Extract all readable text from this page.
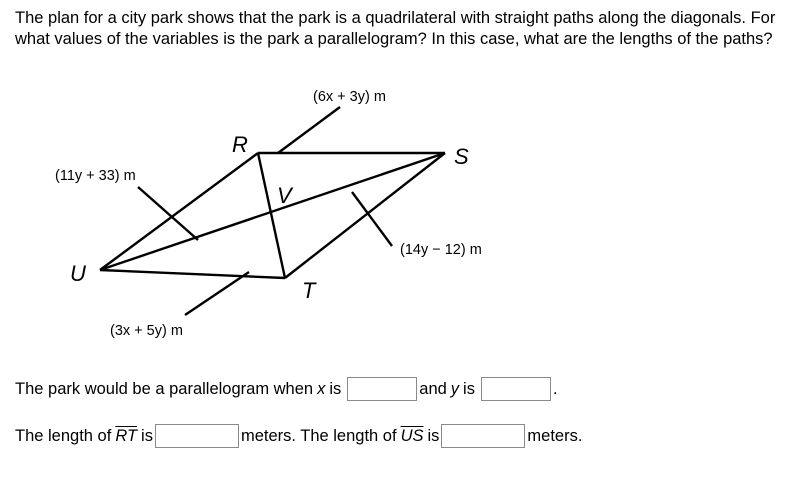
The plan for a city park shows that the park is a quadrilateral with straight paths along the diagonals. For what values of the variables is the park a parallelogram? In this case, what are the lengths of the paths?
R	S
T
U
V
(6x + 3y) m
(11y + 33) m
(14y − 12) m
(3x + 5y) m
The park would be a parallelogram when x is	and y is	.
The length of $\overline{RT}$ is	meters. The length of $\overline{US}$ is	meters.
